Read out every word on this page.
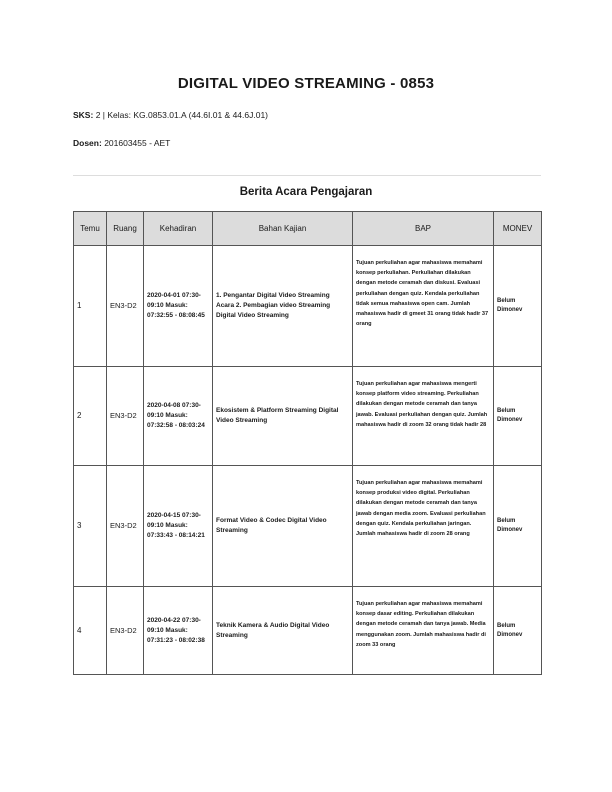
DIGITAL VIDEO STREAMING - 0853
SKS: 2 | Kelas: KG.0853.01.A (44.6I.01 & 44.6J.01)
Dosen: 201603455 - AET
Berita Acara Pengajaran
Temu	Ruang	Kehadiran	Bahan Kajian	BAP	MONEV
1	EN3-D2	2020-04-01 07:30-09:10 Masuk: 07:32:55 - 08:08:45	1. Pengantar Digital Video Streaming Acara 2. Pembagian video Streaming Digital Video Streaming	Tujuan perkuliahan agar mahasiswa memahami konsep perkuliahan. Perkuliahan dilakukan dengan metode ceramah dan diskusi. Evaluasi perkuliahan dengan quiz. Kendala perkuliahan tidak semua mahasiswa open cam. Jumlah mahasiswa hadir di gmeet 31 orang tidak hadir 37 orang	Belum Dimonev
2	EN3-D2	2020-04-08 07:30-09:10 Masuk: 07:32:58 - 08:03:24	Ekosistem & Platform Streaming Digital Video Streaming	Tujuan perkuliahan agar mahasiswa mengerti konsep platform video streaming. Perkuliahan dilakukan dengan metode ceramah dan tanya jawab. Evaluasi perkuliahan dengan quiz. Jumlah mahasiswa hadir di zoom 32 orang tidak hadir 28	Belum Dimonev
3	EN3-D2	2020-04-15 07:30-09:10 Masuk: 07:33:43 - 08:14:21	Format Video & Codec Digital Video Streaming	Tujuan perkuliahan agar mahasiswa memahami konsep produksi video digital. Perkuliahan dilakukan dengan metode ceramah dan tanya jawab dengan media zoom. Evaluasi perkuliahan dengan quiz. Kendala perkuliahan jaringan. Jumlah mahasiswa hadir di zoom 28 orang	Belum Dimonev
4	EN3-D2	2020-04-22 07:30-09:10 Masuk: 07:31:23 - 08:02:38	Teknik Kamera & Audio Digital Video Streaming	Tujuan perkuliahan agar mahasiswa memahami konsep dasar editing. Perkuliahan dilakukan dengan metode ceramah dan tanya jawab. Media menggunakan zoom. Jumlah mahasiswa hadir di zoom 33 orang	Belum Dimonev
